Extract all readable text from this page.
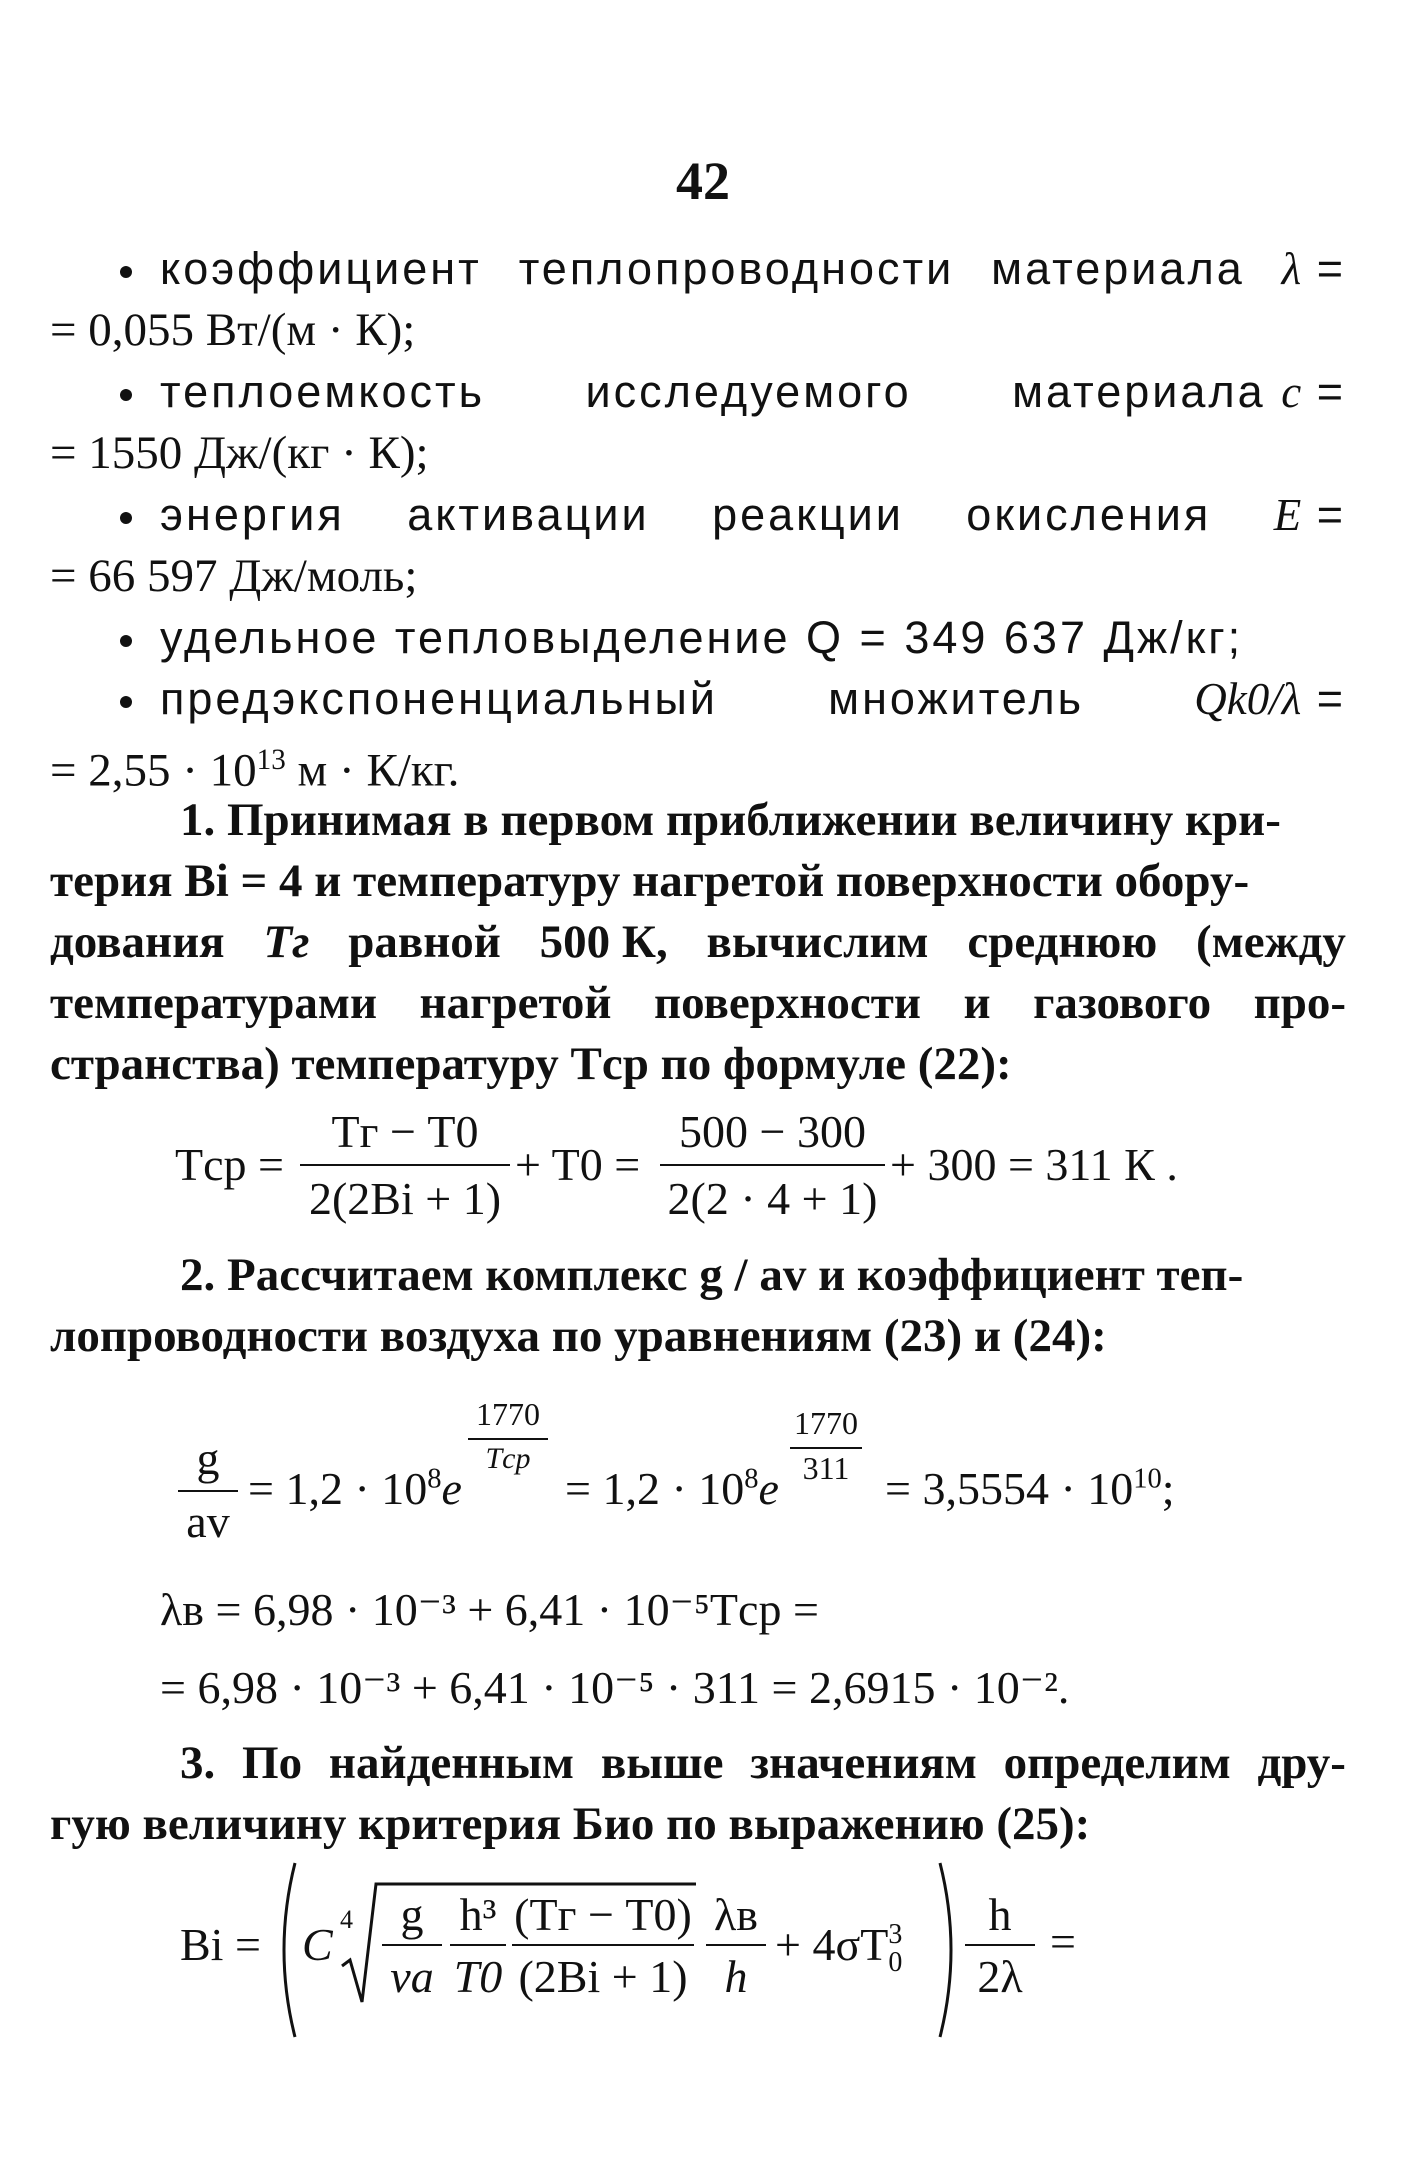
42
коэффициент теплопроводности материала λ =
= 0,055 Вт/(м · К);
теплоемкость исследуемого материала c =
= 1550 Дж/(кг · К);
энергия активации реакции окисления E =
= 66 597 Дж/моль;
удельное тепловыделение Q = 349 637 Дж/кг;
предэкспоненциальный множитель Qk0/λ =
= $2,55 \cdot 10^{13}$ м · К/кг.
1. Принимая в первом приближении величину кри-
терия Bi = 4 и температуру нагретой поверхности обору-
дования Tг равной 500 К, вычислим среднюю (между
температурами нагретой поверхности и газового про-
странства) температуру Tср по формуле (22):
Tср =
Tг − T0
2(2Bi + 1)
+ T0 =
500 − 300
2(2 · 4 + 1)
+ 300 = 311 К .
2. Рассчитаем комплекс g / av и коэффициент теп-
лопроводности воздуха по уравнениям (23) и (24):
g
av
= $1,2 \cdot 10^8e$
1770
Tср
= $1,2 \cdot 10^8e$
1770
$311 = 3,5554 \cdot 10^{10}$;
λв = 6,98 · 10⁻³ + 6,41 · 10⁻⁵Tср =
= 6,98 · 10⁻³ + 6,41 · 10⁻⁵ · 311 = 2,6915 · 10⁻².
3. По найденным выше значениям определим дру-
гую величину критерия Био по выражению (25):
Bi = C 4	g
νa
h³
T0
(Tг − T0)
(2Bi + 1)
λв
h
+ 4σT 3
0
h
2λ
=
